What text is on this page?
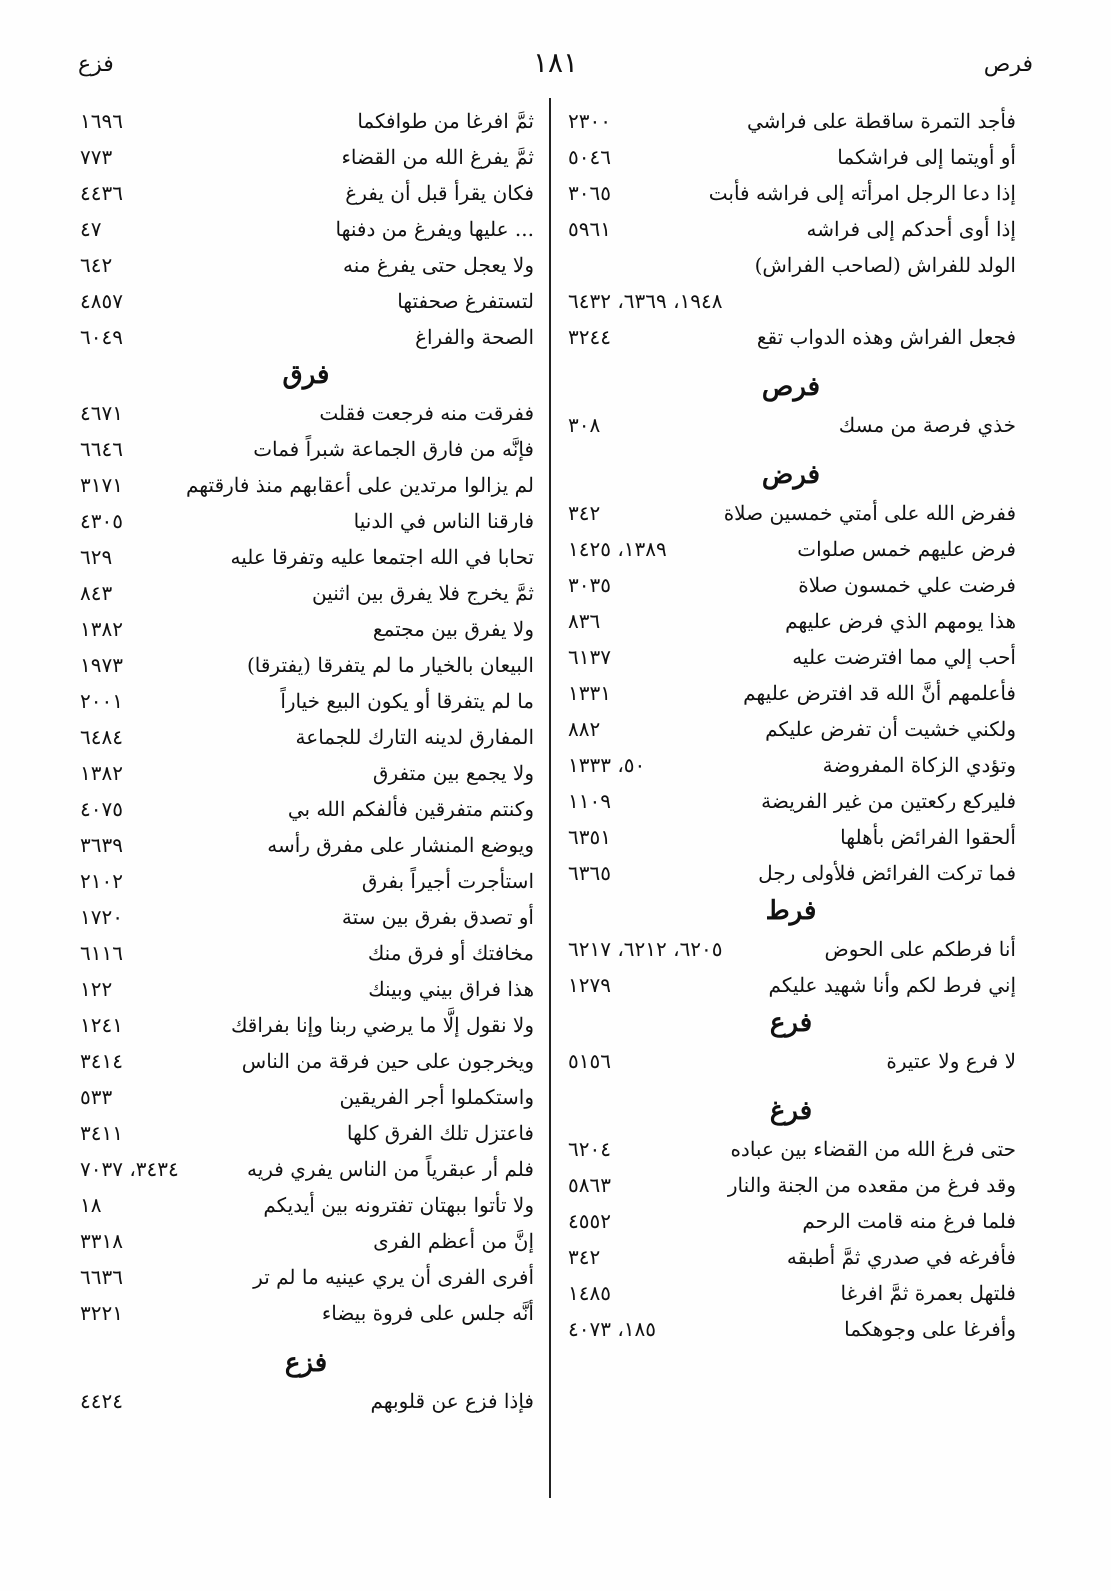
فرص
١٨١
فزع
فأجد التمرة ساقطة على فراشي
٢٣٠٠
أو أويتما إلى فراشكما
٥٠٤٦
إذا دعا الرجل امرأته إلى فراشه فأبت
٣٠٦٥
إذا أوى أحدكم إلى فراشه
٥٩٦١
الولد للفراش (لصاحب الفراش)
١٩٤٨، ٦٣٦٩، ٦٤٣٢
فجعل الفراش وهذه الدواب تقع
٣٢٤٤
فرص
خذي فرصة من مسك
٣٠٨
فرض
ففرض الله على أمتي خمسين صلاة
٣٤٢
فرض عليهم خمس صلوات
١٣٨٩، ١٤٢٥
فرضت علي خمسون صلاة
٣٠٣٥
هذا يومهم الذي فرض عليهم
٨٣٦
أحب إلي مما افترضت عليه
٦١٣٧
فأعلمهم أنَّ الله قد افترض عليهم
١٣٣١
ولكني خشيت أن تفرض عليكم
٨٨٢
وتؤدي الزكاة المفروضة
٥٠، ١٣٣٣
فليركع ركعتين من غير الفريضة
١١٠٩
ألحقوا الفرائض بأهلها
٦٣٥١
فما تركت الفرائض فلأولى رجل
٦٣٦٥
فرط
أنا فرطكم على الحوض
٦٢٠٥، ٦٢١٢، ٦٢١٧
إني فرط لكم وأنا شهيد عليكم
١٢٧٩
فرع
لا فرع ولا عتيرة
٥١٥٦
فرغ
حتى فرغ الله من القضاء بين عباده
٦٢٠٤
وقد فرغ من مقعده من الجنة والنار
٥٨٦٣
فلما فرغ منه قامت الرحم
٤٥٥٢
فأفرغه في صدري ثمَّ أطبقه
٣٤٢
فلتهل بعمرة ثمَّ افرغا
١٤٨٥
وأفرغا على وجوهكما
١٨٥، ٤٠٧٣
ثمَّ افرغا من طوافكما
١٦٩٦
ثمَّ يفرغ الله من القضاء
٧٧٣
فكان يقرأ قبل أن يفرغ
٤٤٣٦
... عليها ويفرغ من دفنها
٤٧
ولا يعجل حتى يفرغ منه
٦٤٢
لتستفرغ صحفتها
٤٨٥٧
الصحة والفراغ
٦٠٤٩
فرق
ففرقت منه فرجعت فقلت
٤٦٧١
فإنَّه من فارق الجماعة شبراً فمات
٦٦٤٦
لم يزالوا مرتدين على أعقابهم منذ فارقتهم
٣١٧١
فارقنا الناس في الدنيا
٤٣٠٥
تحابا في الله اجتمعا عليه وتفرقا عليه
٦٢٩
ثمَّ يخرج فلا يفرق بين اثنين
٨٤٣
ولا يفرق بين مجتمع
١٣٨٢
البيعان بالخيار ما لم يتفرقا (يفترقا)
١٩٧٣
ما لم يتفرقا أو يكون البيع خياراً
٢٠٠١
المفارق لدينه التارك للجماعة
٦٤٨٤
ولا يجمع بين متفرق
١٣٨٢
وكنتم متفرقين فألفكم الله بي
٤٠٧٥
ويوضع المنشار على مفرق رأسه
٣٦٣٩
استأجرت أجيراً بفرق
٢١٠٢
أو تصدق بفرق بين ستة
١٧٢٠
مخافتك أو فرق منك
٦١١٦
هذا فراق بيني وبينك
١٢٢
ولا نقول إلَّا ما يرضي ربنا وإنا بفراقك
١٢٤١
ويخرجون على حين فرقة من الناس
٣٤١٤
واستكملوا أجر الفريقين
٥٣٣
فاعتزل تلك الفرق كلها
٣٤١١
فلم أر عبقرياً من الناس يفري فريه
٣٤٣٤، ٧٠٣٧
ولا تأتوا ببهتان تفترونه بين أيديكم
١٨
إنَّ من أعظم الفرى
٣٣١٨
أفرى الفرى أن يري عينيه ما لم تر
٦٦٣٦
أنَّه جلس على فروة بيضاء
٣٢٢١
فزع
فإذا فزع عن قلوبهم
٤٤٢٤
